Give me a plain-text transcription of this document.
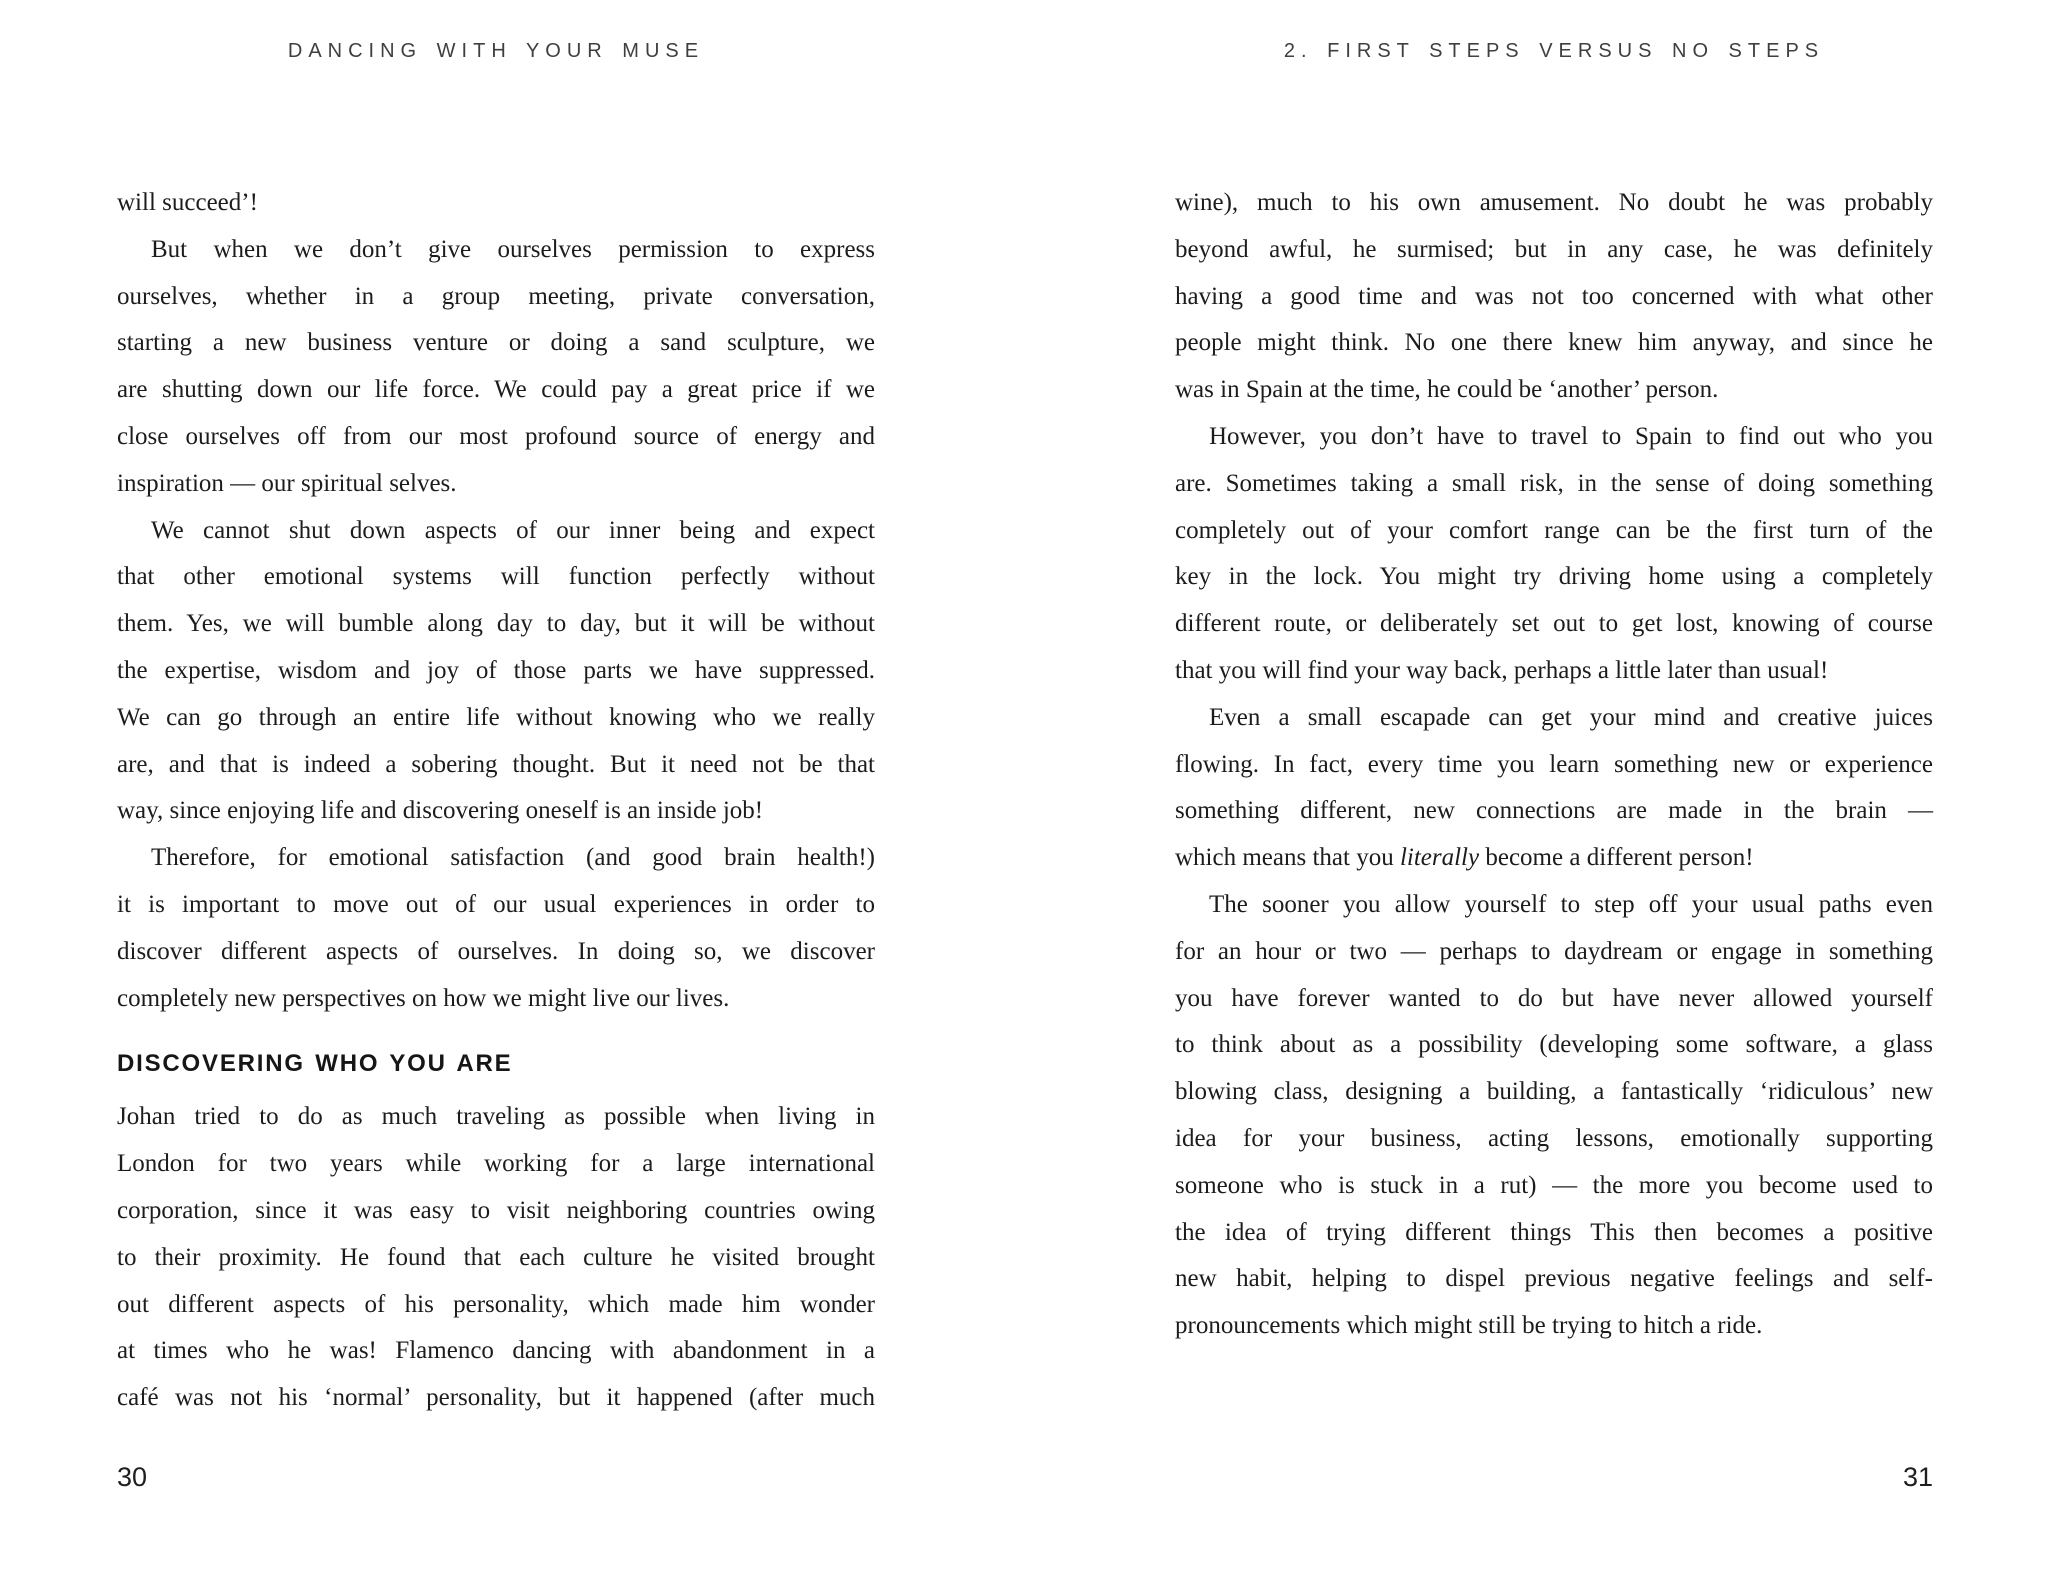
DANCING WITH YOUR MUSE	2. FIRST STEPS VERSUS NO STEPS
will succeed’!
But when we don’t give ourselves permission to express
ourselves, whether in a group meeting, private conversation,
starting a new business venture or doing a sand sculpture, we
are shutting down our life force. We could pay a great price if we
close ourselves off from our most profound source of energy and
inspiration — our spiritual selves.
We cannot shut down aspects of our inner being and expect
that other emotional systems will function perfectly without
them. Yes, we will bumble along day to day, but it will be without
the expertise, wisdom and joy of those parts we have suppressed.
We can go through an entire life without knowing who we really
are, and that is indeed a sobering thought. But it need not be that
way, since enjoying life and discovering oneself is an inside job!
Therefore, for emotional satisfaction (and good brain health!)
it is important to move out of our usual experiences in order to
discover different aspects of ourselves. In doing so, we discover
completely new perspectives on how we might live our lives.
DISCOVERING WHO YOU ARE
Johan tried to do as much traveling as possible when living in
London for two years while working for a large international
corporation, since it was easy to visit neighboring countries owing
to their proximity. He found that each culture he visited brought
out different aspects of his personality, which made him wonder
at times who he was! Flamenco dancing with abandonment in a
café was not his ‘normal’ personality, but it happened (after much
wine), much to his own amusement. No doubt he was probably
beyond awful, he surmised; but in any case, he was definitely
having a good time and was not too concerned with what other
people might think. No one there knew him anyway, and since he
was in Spain at the time, he could be ‘another’ person.
However, you don’t have to travel to Spain to find out who you
are. Sometimes taking a small risk, in the sense of doing something
completely out of your comfort range can be the first turn of the
key in the lock. You might try driving home using a completely
different route, or deliberately set out to get lost, knowing of course
that you will find your way back, perhaps a little later than usual!
Even a small escapade can get your mind and creative juices
flowing. In fact, every time you learn something new or experience
something different, new connections are made in the brain —
which means that you literally become a different person!
The sooner you allow yourself to step off your usual paths even
for an hour or two — perhaps to daydream or engage in something
you have forever wanted to do but have never allowed yourself
to think about as a possibility (developing some software, a glass
blowing class, designing a building, a fantastically ‘ridiculous’ new
idea for your business, acting lessons, emotionally supporting
someone who is stuck in a rut) — the more you become used to
the idea of trying different things This then becomes a positive
new habit, helping to dispel previous negative feelings and self-
pronouncements which might still be trying to hitch a ride.
30	31
